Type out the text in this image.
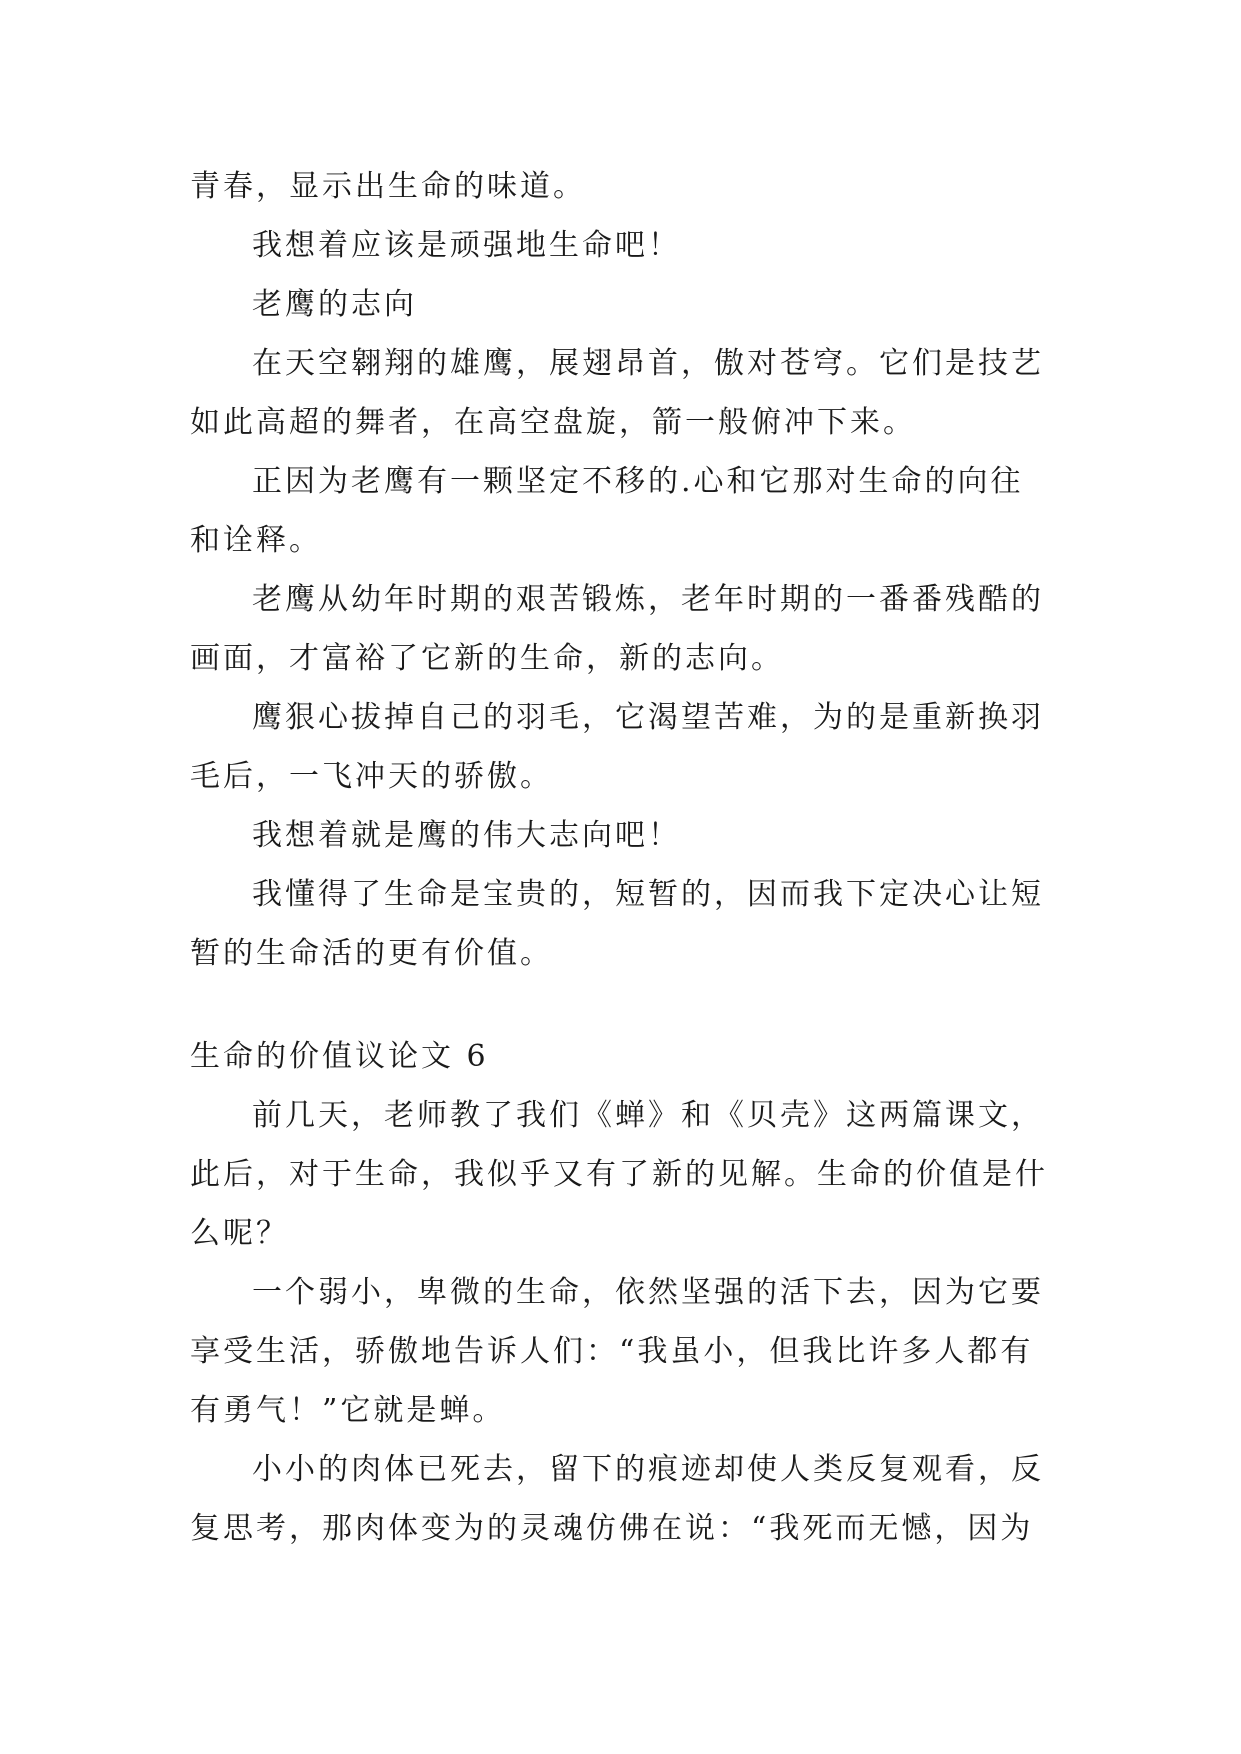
青春，显示出生命的味道。
我想着应该是顽强地生命吧！
老鹰的志向
在天空翱翔的雄鹰，展翅昂首，傲对苍穹。它们是技艺
如此高超的舞者，在高空盘旋，箭一般俯冲下来。
正因为老鹰有一颗坚定不移的.心和它那对生命的向往
和诠释。
老鹰从幼年时期的艰苦锻炼，老年时期的一番番残酷的
画面，才富裕了它新的生命，新的志向。
鹰狠心拔掉自己的羽毛，它渴望苦难，为的是重新换羽
毛后，一飞冲天的骄傲。
我想着就是鹰的伟大志向吧！
我懂得了生命是宝贵的，短暂的，因而我下定决心让短
暂的生命活的更有价值。
生命的价值议论文 6
前几天，老师教了我们《蝉》和《贝壳》这两篇课文，
此后，对于生命，我似乎又有了新的见解。生命的价值是什
么呢？
一个弱小，卑微的生命，依然坚强的活下去，因为它要
享受生活，骄傲地告诉人们：“我虽小，但我比许多人都有
有勇气！”它就是蝉。
小小的肉体已死去，留下的痕迹却使人类反复观看，反
复思考，那肉体变为的灵魂仿佛在说：“我死而无憾，因为
